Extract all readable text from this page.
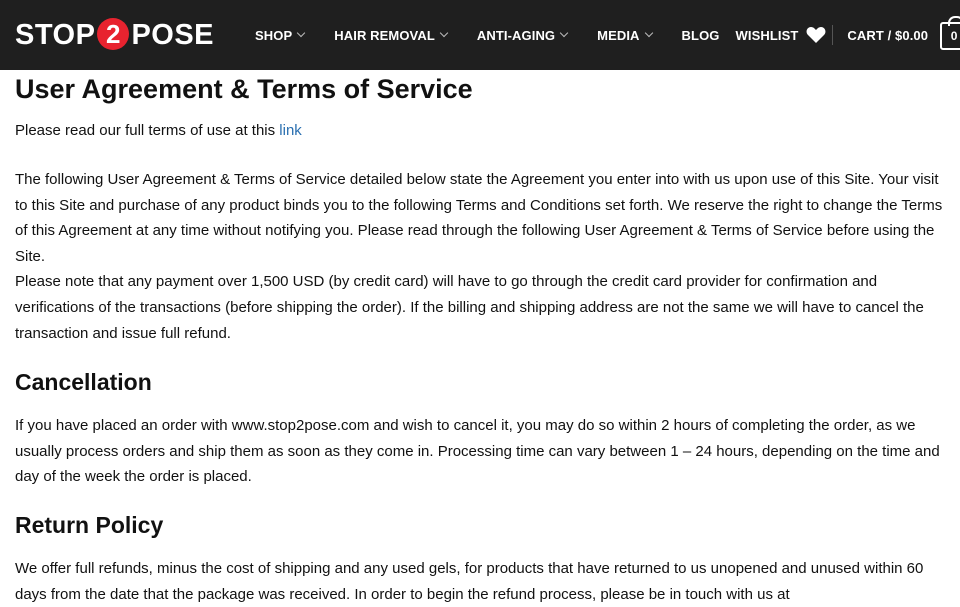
STOP 2 POSE	SHOP	HAIR REMOVAL	ANTI-AGING	MEDIA	BLOG WISHLIST	CART / $0.00	0
User Agreement & Terms of Service

Please read our full terms of use at this link

The following User Agreement & Terms of Service detailed below state the Agreement you enter into with us upon use of this Site. Your visit to this Site and purchase of any product binds you to the following Terms and Conditions set forth. We reserve the right to change the Terms of this Agreement at any time without notifying you. Please read through the following User Agreement & Terms of Service before using the Site.

Please note that any payment over 1,500 USD (by credit card) will have to go through the credit card provider for confirmation and verifications of the transactions (before shipping the order). If the billing and shipping address are not the same we will have to cancel the transaction and issue full refund.

Cancellation

If you have placed an order with www.stop2pose.com and wish to cancel it, you may do so within 2 hours of completing the order, as we usually process orders and ship them as soon as they come in. Processing time can vary between 1 – 24 hours, depending on the time and day of the week the order is placed.

Return Policy

We offer full refunds, minus the cost of shipping and any used gels, for products that have returned to us unopened and unused within 60 days from the date that the package was received. In order to begin the refund process, please be in touch with us at
